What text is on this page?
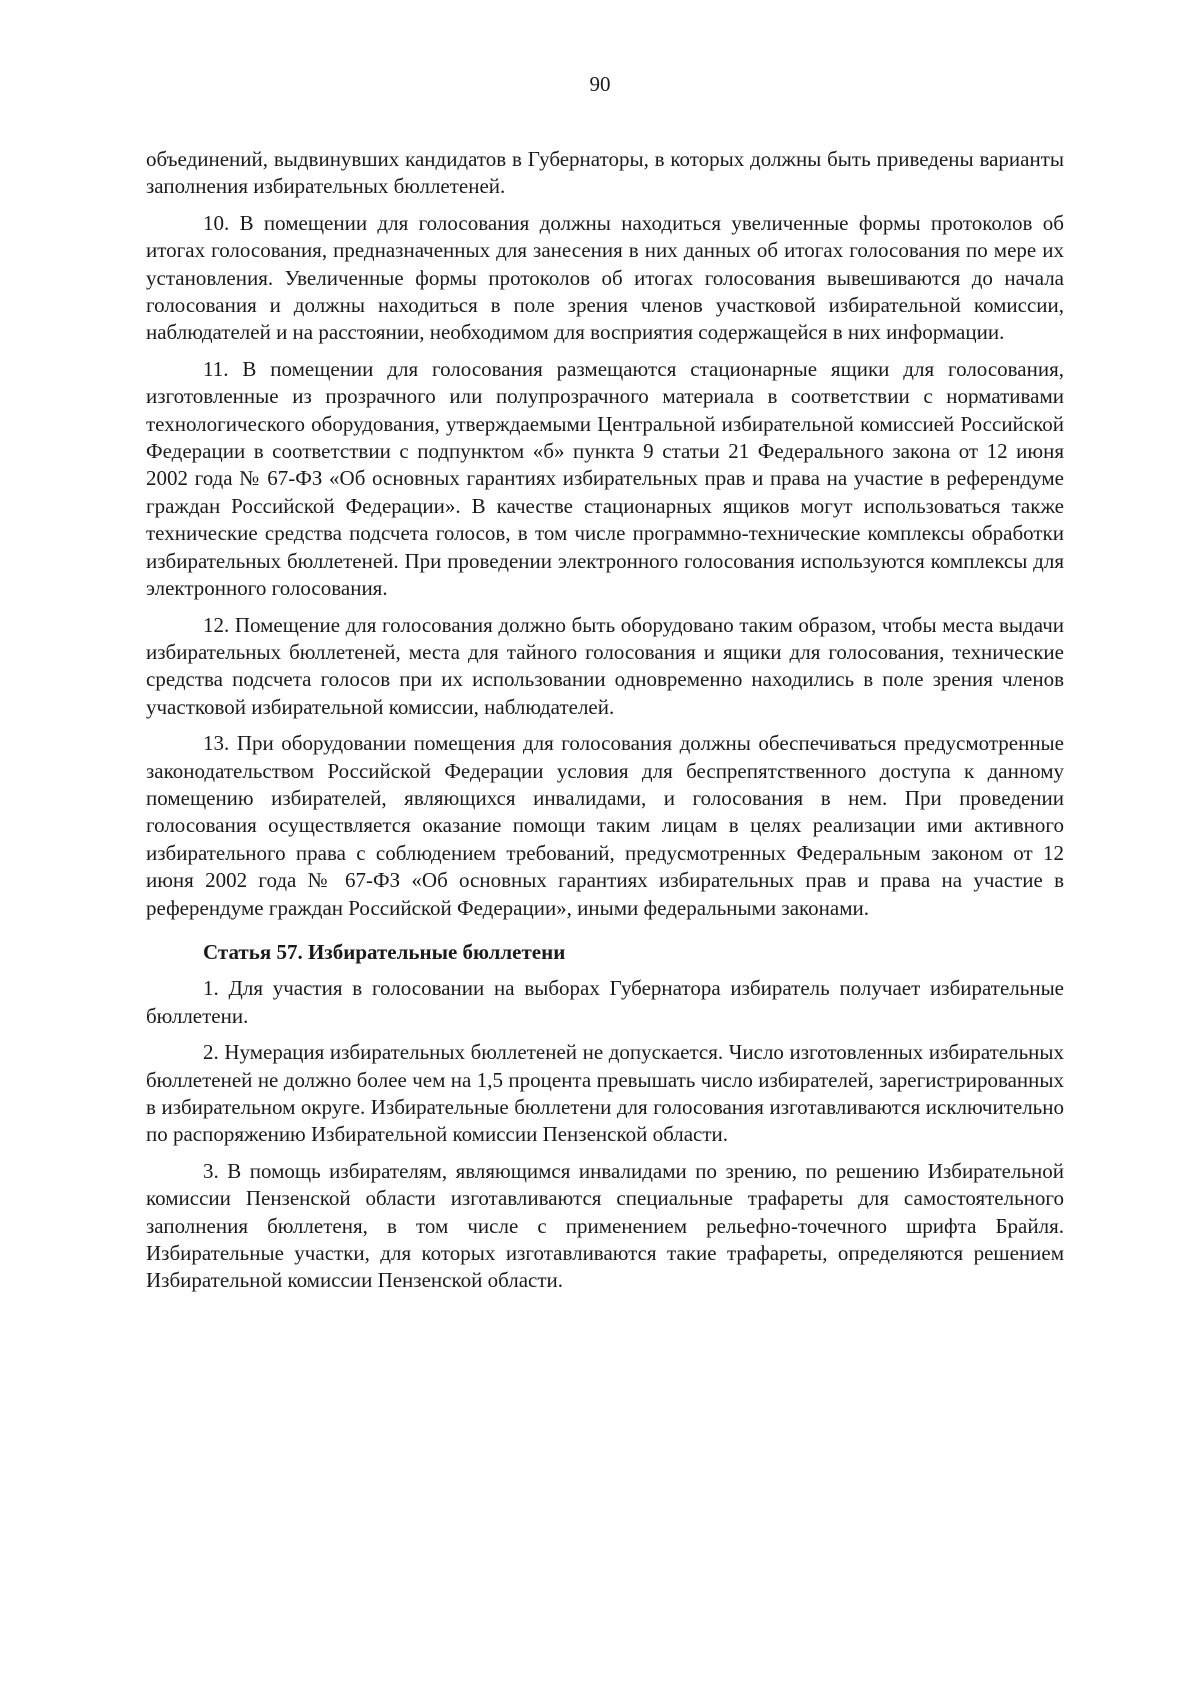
90

объединений, выдвинувших кандидатов в Губернаторы, в которых должны быть приведены варианты заполнения избирательных бюллетеней.

10. В помещении для голосования должны находиться увеличенные формы протоколов об итогах голосования, предназначенных для занесения в них данных об итогах голосования по мере их установления. Увеличенные формы протоколов об итогах голосования вывешиваются до начала голосования и должны находиться в поле зрения членов участковой избирательной комиссии, наблюдателей и на расстоянии, необходимом для восприятия содержащейся в них информации.

11. В помещении для голосования размещаются стационарные ящики для голосования, изготовленные из прозрачного или полупрозрачного материала в соответствии с нормативами технологического оборудования, утверждаемыми Центральной избирательной комиссией Российской Федерации в соответствии с подпунктом «б» пункта 9 статьи 21 Федерального закона от 12 июня 2002 года № 67-ФЗ «Об основных гарантиях избирательных прав и права на участие в референдуме граждан Российской Федерации». В качестве стационарных ящиков могут использоваться также технические средства подсчета голосов, в том числе программно-технические комплексы обработки избирательных бюллетеней. При проведении электронного голосования используются комплексы для электронного голосования.

12. Помещение для голосования должно быть оборудовано таким образом, чтобы места выдачи избирательных бюллетеней, места для тайного голосования и ящики для голосования, технические средства подсчета голосов при их использовании одновременно находились в поле зрения членов участковой избирательной комиссии, наблюдателей.

13. При оборудовании помещения для голосования должны обеспечиваться предусмотренные законодательством Российской Федерации условия для беспрепятственного доступа к данному помещению избирателей, являющихся инвалидами, и голосования в нем. При проведении голосования осуществляется оказание помощи таким лицам в целях реализации ими активного избирательного права с соблюдением требований, предусмотренных Федеральным законом от 12 июня 2002 года № 67-ФЗ «Об основных гарантиях избирательных прав и права на участие в референдуме граждан Российской Федерации», иными федеральными законами.

Статья 57. Избирательные бюллетени

1. Для участия в голосовании на выборах Губернатора избиратель получает избирательные бюллетени.

2. Нумерация избирательных бюллетеней не допускается. Число изготовленных избирательных бюллетеней не должно более чем на 1,5 процента превышать число избирателей, зарегистрированных в избирательном округе. Избирательные бюллетени для голосования изготавливаются исключительно по распоряжению Избирательной комиссии Пензенской области.

3. В помощь избирателям, являющимся инвалидами по зрению, по решению Избирательной комиссии Пензенской области изготавливаются специальные трафареты для самостоятельного заполнения бюллетеня, в том числе с применением рельефно-точечного шрифта Брайля. Избирательные участки, для которых изготавливаются такие трафареты, определяются решением Избирательной комиссии Пензенской области.
